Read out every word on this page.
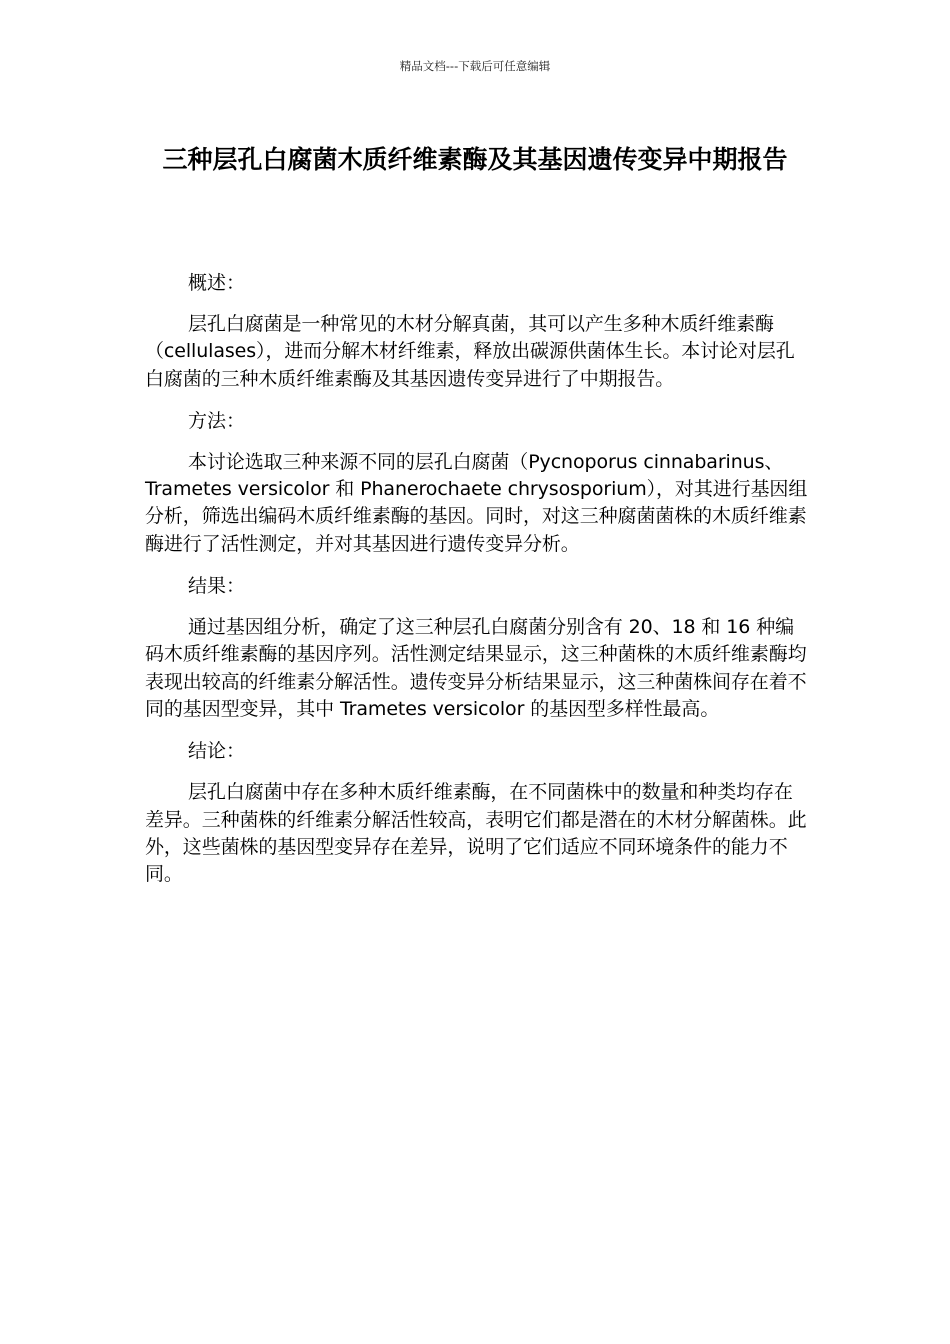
精品文档---下载后可任意编辑
三种层孔白腐菌木质纤维素酶及其基因遗传变异中期报告

概述：

层孔白腐菌是一种常见的木材分解真菌，其可以产生多种木质纤维素酶（cellulases），进而分解木材纤维素，释放出碳源供菌体生长。本讨论对层孔白腐菌的三种木质纤维素酶及其基因遗传变异进行了中期报告。

方法：

本讨论选取三种来源不同的层孔白腐菌（Pycnoporus cinnabarinus、Trametes versicolor 和 Phanerochaete chrysosporium），对其进行基因组分析，筛选出编码木质纤维素酶的基因。同时，对这三种腐菌菌株的木质纤维素酶进行了活性测定，并对其基因进行遗传变异分析。

结果：

通过基因组分析，确定了这三种层孔白腐菌分别含有 20、18 和 16 种编码木质纤维素酶的基因序列。活性测定结果显示，这三种菌株的木质纤维素酶均表现出较高的纤维素分解活性。遗传变异分析结果显示，这三种菌株间存在着不同的基因型变异，其中 Trametes versicolor 的基因型多样性最高。

结论：

层孔白腐菌中存在多种木质纤维素酶，在不同菌株中的数量和种类均存在差异。三种菌株的纤维素分解活性较高，表明它们都是潜在的木材分解菌株。此外，这些菌株的基因型变异存在差异，说明了它们适应不同环境条件的能力不同。
